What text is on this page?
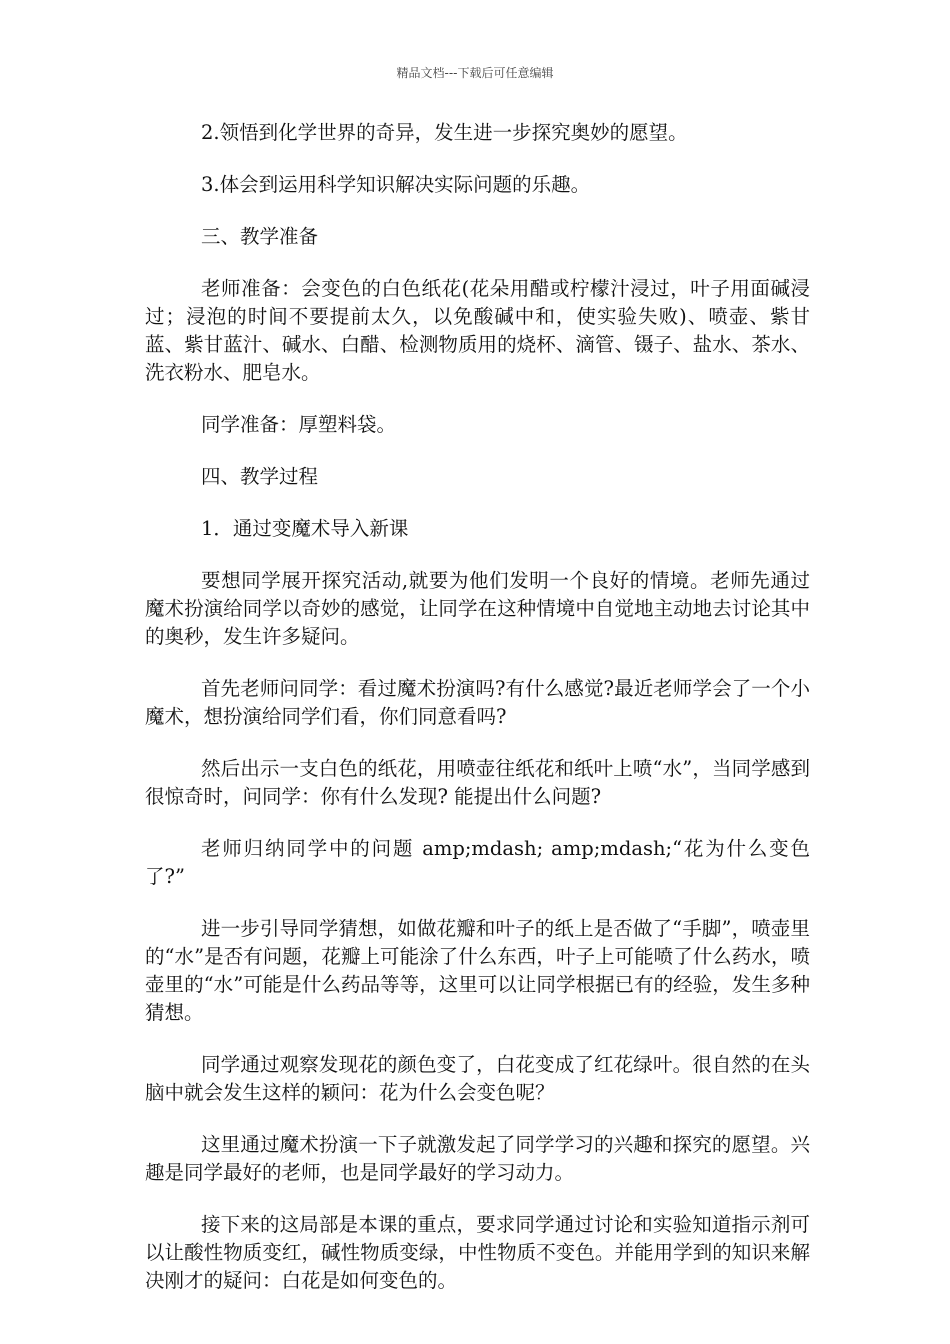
精品文档---下载后可任意编辑

2.领悟到化学世界的奇异，发生进一步探究奥妙的愿望。

3.体会到运用科学知识解决实际问题的乐趣。

三、教学准备

老师准备：会变色的白色纸花(花朵用醋或柠檬汁浸过，叶子用面碱浸过；浸泡的时间不要提前太久，以免酸碱中和，使实验失败)、喷壶、紫甘蓝、紫甘蓝汁、碱水、白醋、检测物质用的烧杯、滴管、镊子、盐水、茶水、洗衣粉水、肥皂水。

同学准备：厚塑料袋。

四、教学过程

1．通过变魔术导入新课

要想同学展开探究活动,就要为他们发明一个良好的情境。老师先通过魔术扮演给同学以奇妙的感觉，让同学在这种情境中自觉地主动地去讨论其中的奥秒，发生许多疑问。

首先老师问同学：看过魔术扮演吗?有什么感觉?最近老师学会了一个小魔术，想扮演给同学们看，你们同意看吗?

然后出示一支白色的纸花，用喷壶往纸花和纸叶上喷“水”，当同学感到很惊奇时，问同学：你有什么发现? 能提出什么问题?

老师归纳同学中的问题 amp;mdash; amp;mdash;“花为什么变色了?”

进一步引导同学猜想，如做花瓣和叶子的纸上是否做了“手脚”，喷壶里的“水”是否有问题，花瓣上可能涂了什么东西，叶子上可能喷了什么药水，喷壶里的“水”可能是什么药品等等，这里可以让同学根据已有的经验，发生多种猜想。

同学通过观察发现花的颜色变了，白花变成了红花绿叶。很自然的在头脑中就会发生这样的颖问：花为什么会变色呢？

这里通过魔术扮演一下子就激发起了同学学习的兴趣和探究的愿望。兴趣是同学最好的老师，也是同学最好的学习动力。

接下来的这局部是本课的重点，要求同学通过讨论和实验知道指示剂可以让酸性物质变红，碱性物质变绿，中性物质不变色。并能用学到的知识来解决刚才的疑问：白花是如何变色的。
